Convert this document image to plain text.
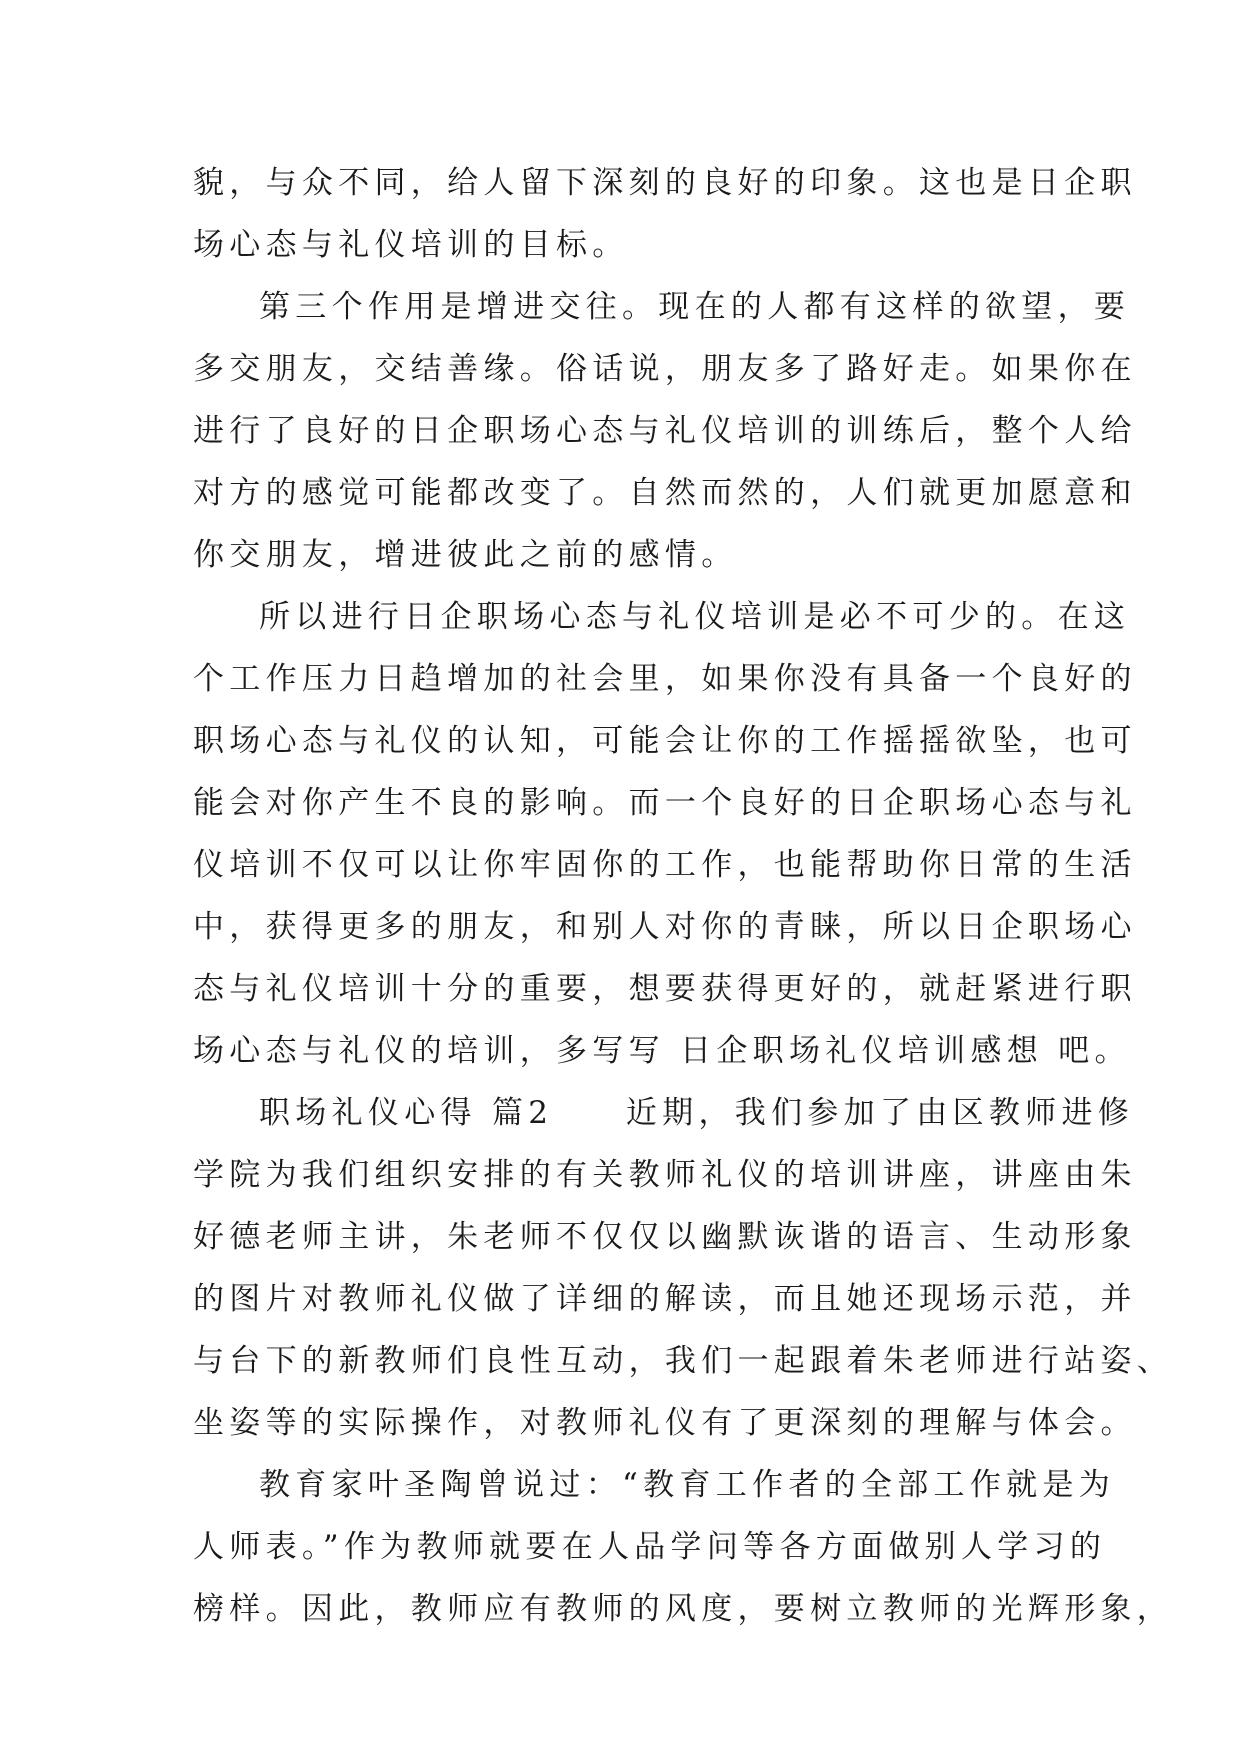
貌，与众不同，给人留下深刻的良好的印象。这也是日企职
场心态与礼仪培训的目标。
第三个作用是增进交往。现在的人都有这样的欲望，要
多交朋友，交结善缘。俗话说，朋友多了路好走。如果你在
进行了良好的日企职场心态与礼仪培训的训练后，整个人给
对方的感觉可能都改变了。自然而然的，人们就更加愿意和
你交朋友，增进彼此之前的感情。
所以进行日企职场心态与礼仪培训是必不可少的。在这
个工作压力日趋增加的社会里，如果你没有具备一个良好的
职场心态与礼仪的认知，可能会让你的工作摇摇欲坠，也可
能会对你产生不良的影响。而一个良好的日企职场心态与礼
仪培训不仅可以让你牢固你的工作，也能帮助你日常的生活
中，获得更多的朋友，和别人对你的青睐，所以日企职场心
态与礼仪培训十分的重要，想要获得更好的，就赶紧进行职
场心态与礼仪的培训，多写写 日企职场礼仪培训感想 吧。
职场礼仪心得 篇2　　近期，我们参加了由区教师进修
学院为我们组织安排的有关教师礼仪的培训讲座，讲座由朱
好德老师主讲，朱老师不仅仅以幽默诙谐的语言、生动形象
的图片对教师礼仪做了详细的解读，而且她还现场示范，并
与台下的新教师们良性互动，我们一起跟着朱老师进行站姿、
坐姿等的实际操作，对教师礼仪有了更深刻的理解与体会。
教育家叶圣陶曾说过：“教育工作者的全部工作就是为
人师表。”作为教师就要在人品学问等各方面做别人学习的
榜样。因此，教师应有教师的风度，要树立教师的光辉形象，
